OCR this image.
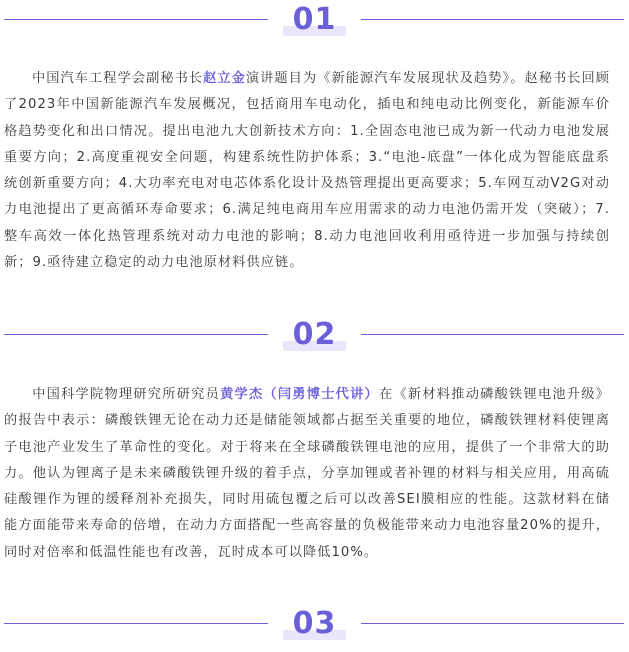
01

中国汽车工程学会副秘书长赵立金演讲题目为《新能源汽车发展现状及趋势》。赵秘书长回顾了2023年中国新能源汽车发展概况，包括商用车电动化，插电和纯电动比例变化，新能源车价格趋势变化和出口情况。提出电池九大创新技术方向：1.全固态电池已成为新一代动力电池发展重要方向；2.高度重视安全问题，构建系统性防护体系；3.“电池-底盘”一体化成为智能底盘系统创新重要方向；4.大功率充电对电芯体系化设计及热管理提出更高要求；5.车网互动V2G对动力电池提出了更高循环寿命要求；6.满足纯电商用车应用需求的动力电池仍需开发（突破）；7.整车高效一体化热管理系统对动力电池的影响；8.动力电池回收利用亟待进一步加强与持续创新；9.亟待建立稳定的动力电池原材料供应链。

02

中国科学院物理研究所研究员黄学杰（闫勇博士代讲）在《新材料推动磷酸铁锂电池升级》的报告中表示：磷酸铁锂无论在动力还是储能领域都占据至关重要的地位，磷酸铁锂材料使锂离子电池产业发生了革命性的变化。对于将来在全球磷酸铁锂电池的应用，提供了一个非常大的助力。他认为锂离子是未来磷酸铁锂升级的着手点，分享加锂或者补锂的材料与相关应用，用高硫硅酸锂作为锂的缓释剂补充损失，同时用硫包覆之后可以改善SEI膜相应的性能。这款材料在储能方面能带来寿命的倍增，在动力方面搭配一些高容量的负极能带来动力电池容量20%的提升，同时对倍率和低温性能也有改善，瓦时成本可以降低10%。

03
